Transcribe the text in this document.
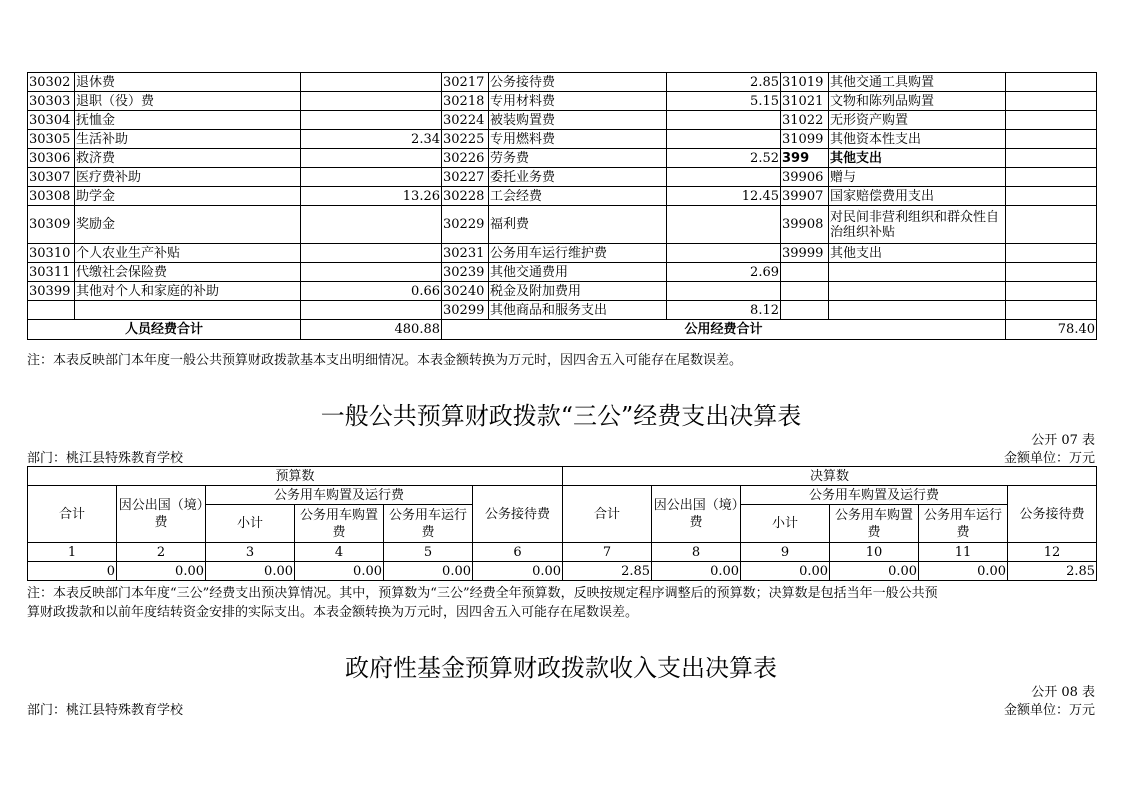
30302	退休费		30217	公务接待费	2.85	31019	其他交通工具购置	
30303	退职（役）费		30218	专用材料费	5.15	31021	文物和陈列品购置	
30304	抚恤金		30224	被装购置费		31022	无形资产购置	
30305	生活补助	2.34	30225	专用燃料费		31099	其他资本性支出	
30306	救济费		30226	劳务费	2.52	399	其他支出	
30307	医疗费补助		30227	委托业务费		39906	赠与	
30308	助学金	13.26	30228	工会经费	12.45	39907	国家赔偿费用支出	
30309	奖励金		30229	福利费		39908	对民间非营利组织和群众性自治组织补贴	
30310	个人农业生产补贴		30231	公务用车运行维护费		39999	其他支出	
30311	代缴社会保险费		30239	其他交通费用	2.69			
30399	其他对个人和家庭的补助	0.66	30240	税金及附加费用				
			30299	其他商品和服务支出	8.12			
人员经费合计		480.88	公用经费合计					78.40
注：本表反映部门本年度一般公共预算财政拨款基本支出明细情况。本表金额转换为万元时，因四舍五入可能存在尾数误差。
一般公共预算财政拨款“三公”经费支出决算表
公开 07 表
部门：桃江县特殊教育学校	金额单位：万元
预算数						决算数					
合计	因公出国（境）费	公务用车购置及运行费			公务接待费	合计	因公出国（境）费	公务用车购置及运行费			公务接待费
		小计	公务用车购置费	公务用车运行费				小计	公务用车购置费	公务用车运行费	
1	2	3	4	5	6	7	8	9	10	11	12
0	0.00	0.00	0.00	0.00	0.00	2.85	0.00	0.00	0.00	0.00	2.85
注：本表反映部门本年度“三公”经费支出预决算情况。其中，预算数为“三公”经费全年预算数，反映按规定程序调整后的预算数；决算数是包括当年一般公共预
算财政拨款和以前年度结转资金安排的实际支出。本表金额转换为万元时，因四舍五入可能存在尾数误差。
政府性基金预算财政拨款收入支出决算表
公开 08 表
部门：桃江县特殊教育学校	金额单位：万元
